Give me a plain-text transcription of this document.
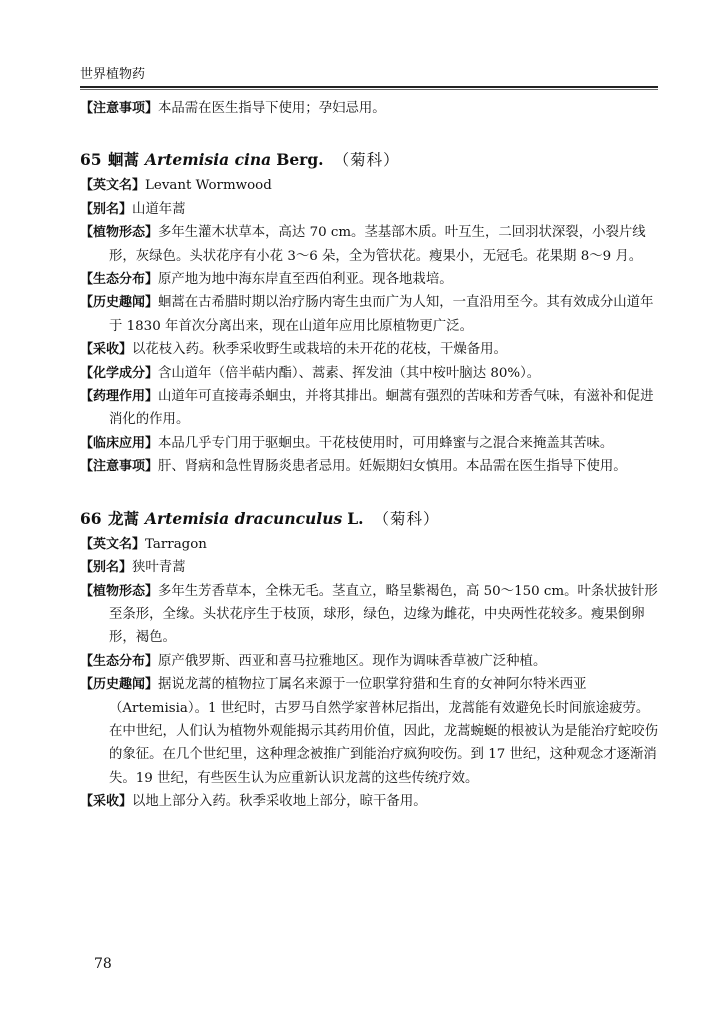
世界植物药
【注意事项】本品需在医生指导下使用；孕妇忌用。
65 蛔蒿 Artemisia cina Berg. （菊科）
【英文名】Levant Wormwood
【别名】山道年蒿
【植物形态】多年生灌木状草本，高达 70 cm。茎基部木质。叶互生，二回羽状深裂，小裂片线形，灰绿色。头状花序有小花 3～6 朵，全为管状花。瘦果小，无冠毛。花果期 8～9 月。
【生态分布】原产地为地中海东岸直至西伯利亚。现各地栽培。
【历史趣闻】蛔蒿在古希腊时期以治疗肠内寄生虫而广为人知，一直沿用至今。其有效成分山道年于 1830 年首次分离出来，现在山道年应用比原植物更广泛。
【采收】以花枝入药。秋季采收野生或栽培的未开花的花枝，干燥备用。
【化学成分】含山道年（倍半萜内酯）、蒿素、挥发油（其中桉叶脑达 80%）。
【药理作用】山道年可直接毒杀蛔虫，并将其排出。蛔蒿有强烈的苦味和芳香气味，有滋补和促进消化的作用。
【临床应用】本品几乎专门用于驱蛔虫。干花枝使用时，可用蜂蜜与之混合来掩盖其苦味。
【注意事项】肝、肾病和急性胃肠炎患者忌用。妊娠期妇女慎用。本品需在医生指导下使用。
66 龙蒿 Artemisia dracunculus L. （菊科）
【英文名】Tarragon
【别名】狭叶青蒿
【植物形态】多年生芳香草本，全株无毛。茎直立，略呈紫褐色，高 50～150 cm。叶条状披针形至条形，全缘。头状花序生于枝顶，球形，绿色，边缘为雌花，中央两性花较多。瘦果倒卵形，褐色。
【生态分布】原产俄罗斯、西亚和喜马拉雅地区。现作为调味香草被广泛种植。
【历史趣闻】据说龙蒿的植物拉丁属名来源于一位职掌狩猎和生育的女神阿尔特米西亚（Artemisia）。1 世纪时，古罗马自然学家普林尼指出，龙蒿能有效避免长时间旅途疲劳。在中世纪，人们认为植物外观能揭示其药用价值，因此，龙蒿蜿蜒的根被认为是能治疗蛇咬伤的象征。在几个世纪里，这种理念被推广到能治疗疯狗咬伤。到 17 世纪，这种观念才逐渐消失。19 世纪，有些医生认为应重新认识龙蒿的这些传统疗效。
【采收】以地上部分入药。秋季采收地上部分，晾干备用。
78
